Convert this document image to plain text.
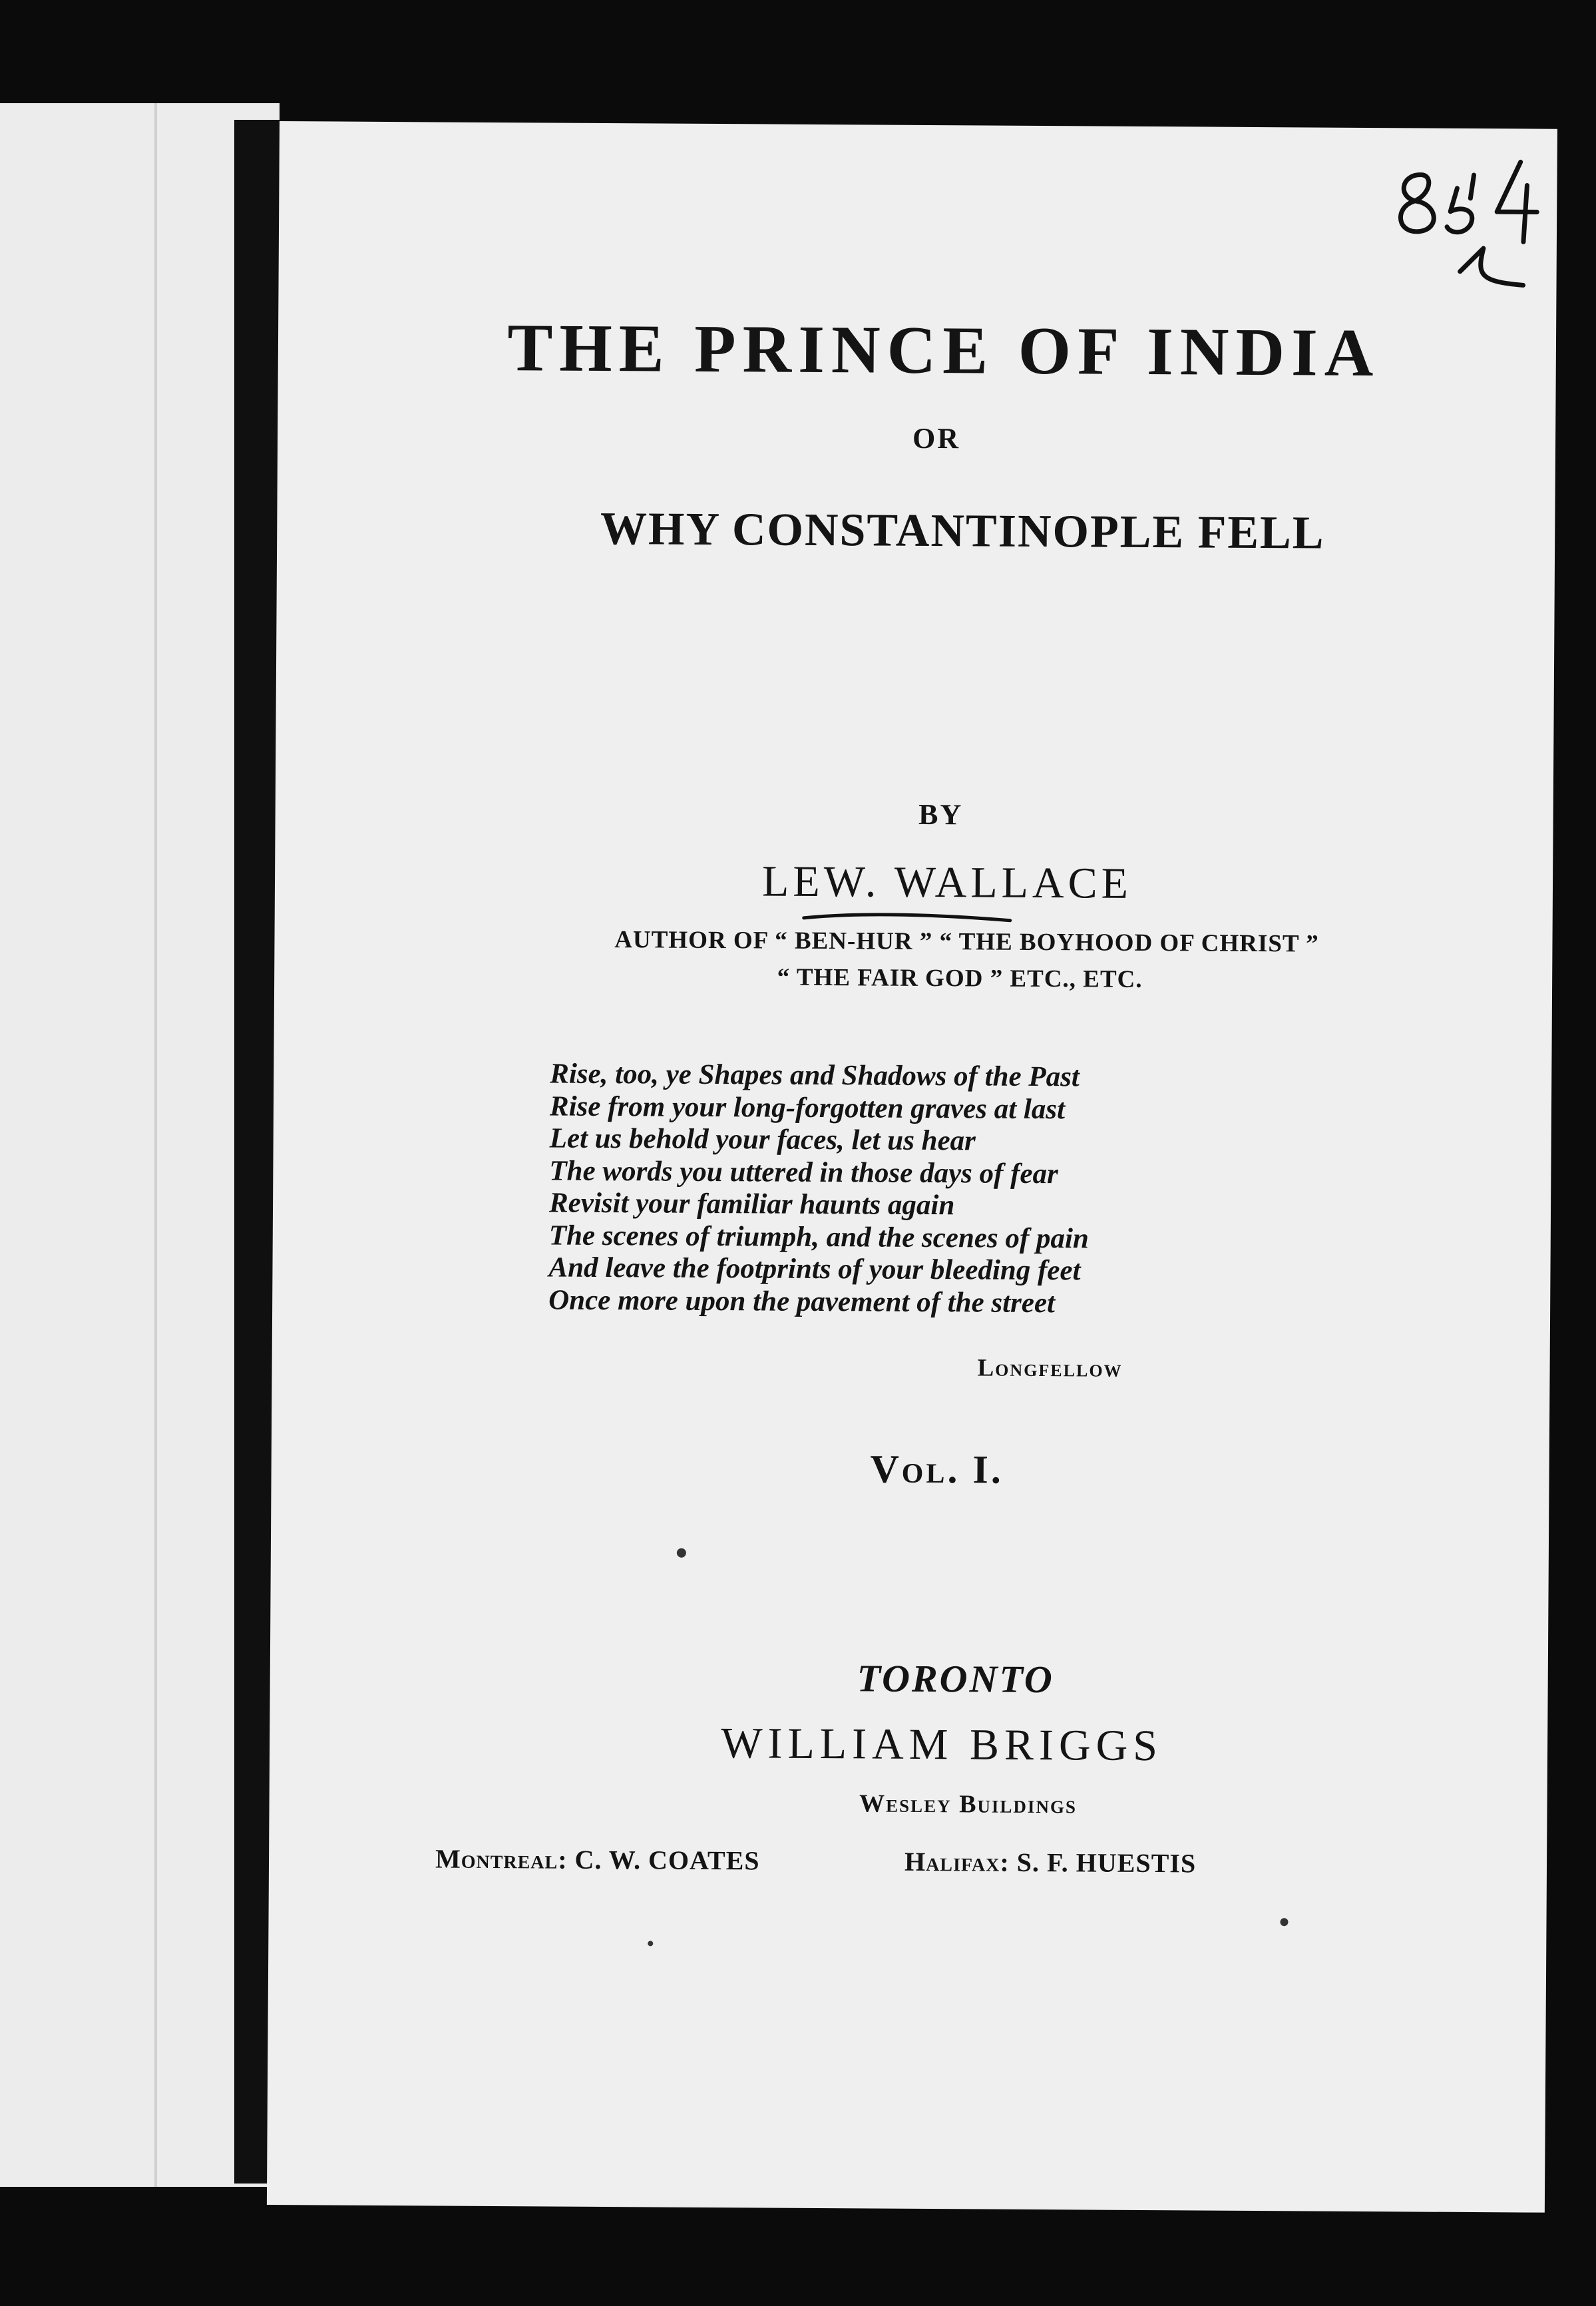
THE PRINCE OF INDIA
OR
WHY CONSTANTINOPLE FELL
BY
LEW. WALLACE
AUTHOR OF “ BEN-HUR ” “ THE BOYHOOD OF CHRIST ”
“ THE FAIR GOD ” ETC., ETC.
Rise, too, ye Shapes and Shadows of the Past
Rise from your long-forgotten graves at last
Let us behold your faces, let us hear
The words you uttered in those days of fear
Revisit your familiar haunts again
The scenes of triumph, and the scenes of pain
And leave the footprints of your bleeding feet
Once more upon the pavement of the street
Longfellow
Vol. I.
TORONTO
WILLIAM BRIGGS
Wesley Buildings
Montreal: C. W. COATES	Halifax: S. F. HUESTIS
